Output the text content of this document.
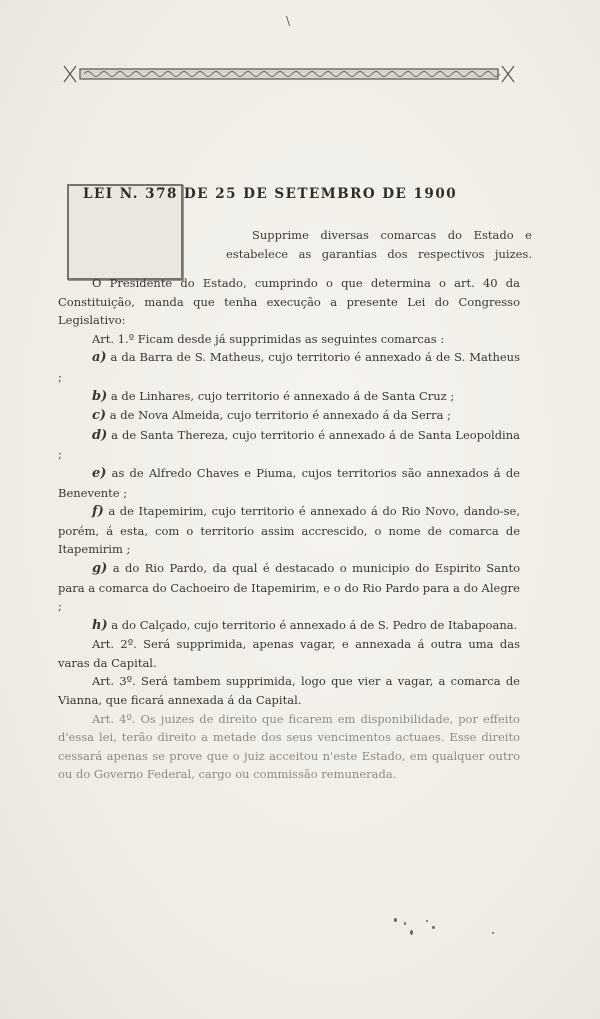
\
LEI N. 378 DE 25 DE SETEMBRO DE 1900
Supprime diversas comarcas do Estado e
estabelece as garantias dos respectivos juizes.

O Presidente do Estado, cumprindo o que determina o art. 40 da Constituição, manda que tenha execução a presente Lei do Congresso Legislativo:

Art. 1.º Ficam desde já supprimidas as seguintes comarcas :

a) a da Barra de S. Matheus, cujo territorio é annexado á de S. Matheus ;

b) a de Linhares, cujo territorio é annexado á de Santa Cruz ;

c) a de Nova Almeida, cujo territorio é annexado á da Serra ;

d) a de Santa Thereza, cujo territorio é annexado á de Santa Leopoldina ;

e) as de Alfredo Chaves e Piuma, cujos territorios são annexados á de Benevente ;

f) a de Itapemirim, cujo territorio é annexado á do Rio Novo, dando-se, porém, á esta, com o territorio assim accrescido, o nome de comarca de Itapemirim ;

g) a do Rio Pardo, da qual é destacado o municipio do Espirito Santo para a comarca do Cachoeiro de Itapemirim, e o do Rio Pardo para a do Alegre ;

h) a do Calçado, cujo territorio é annexado á de S. Pedro de Itabapoana.

Art. 2º. Será supprimida, apenas vagar, e annexada á outra uma das varas da Capital.

Art. 3º. Será tambem supprimida, logo que vier a vagar, a comarca de Vianna, que ficará annexada á da Capital.

Art. 4º. Os juizes de direito que ficarem em disponibilidade, por effeito d'essa lei, terão direito a metade dos seus vencimentos actuaes. Esse direito cessará apenas se prove que o juiz acceitou n'este Estado, em qualquer outro ou do Governo Federal, cargo ou commissão remunerada.
